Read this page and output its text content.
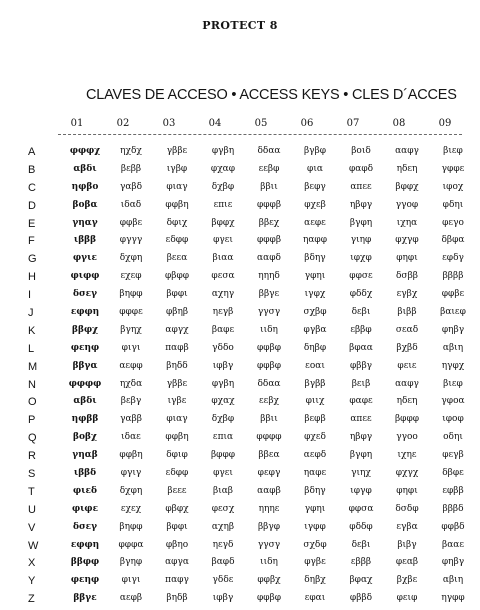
PROTECT 8
CLAVES DE ACCESO • ACCESS KEYS • CLES D´ACCES
01	02	03	04	05	06	07	08	09
A	φφφχ	ηχδχ	γββε	φγβη	δδαα	βγβφ	βοιδ	ααφγ	βιεφ
B	αβδι	βεββ	ιγβφ	φχαφ	εεβφ	φια	φαφδ	ηδεη	γφφε
C	ηφβο	γαβδ	φιαγ	δχβφ	ββιι	βεφγ	απεε	βφφχ	ιφοχ
D	βοβα	ιδαδ	φφβη	επιε	φφφβ	φχεβ	ηβφγ	γγοφ	φδηι
E	γηαγ	φφβε	δφιχ	βφφχ	ββεχ	αεφε	βγφη	ιχηα	φεγο
F	ιβββ	φγγγ	εδφφ	φγει	φφφβ	ηαφφ	γιηφ	φχγφ	δβφα
G	φγιε	δχφη	βεεα	βιαα	ααφδ	βδηγ	ιφχφ	φηφι	εφδγ
H	φιφφ	εχεφ	φβφφ	φεσα	ηηηδ	γφηι	φφσε	δσββ	ββββ
I	δσεγ	βηφφ	βφφι	αχηγ	ββγε	ιγφχ	φδδχ	εγβχ	φφβε
J	εφφη	φφφε	φβηβ	ηεγβ	γγσγ	σχβφ	δεβι	βιββ	βαιεφ
K	ββφχ	βγηχ	αφγχ	βαφε	ιιδη	φγβα	εββφ	σεαδ	φηβγ
L	φεηφ	φιγι	παφβ	γδδο	φφβφ	δηβφ	βφαα	βχβδ	αβιη
M	ββγα	αεφφ	βηδδ	ιφβγ	φφβφ	εοαι	φββγ	φειε	ηγφχ
N	φφφφ	ηχδα	γββε	φγβη	δδαα	βγββ	βειβ	ααφγ	βιεφ
O	αβδι	βεβγ	ιγβε	φχαχ	εεβχ	φιιχ	φαφε	ηδεη	γφοα
P	ηφββ	γαββ	φιαγ	δχβφ	ββιι	βεφβ	απεε	βφφφ	ιφοφ
Q	βοβχ	ιδαε	φφβη	επια	φφφφ	φχεδ	ηβφγ	γγοο	οδηι
R	γηαβ	φφβη	δφιφ	βφφφ	ββεα	αεφδ	βγφη	ιχηε	φεγβ
S	ιββδ	φγιγ	εδφφ	φγει	φεφγ	ηαφε	γιηχ	φχγχ	δβφε
T	φιεδ	δχφη	βεεε	βιαβ	ααφβ	βδηγ	ιφγφ	φηφι	εφββ
U	φιφε	εχεχ	φβφχ	φεσχ	ηηηε	γφηι	φφσα	δσδφ	βββδ
V	δσεγ	βηφφ	βφφι	αχηβ	ββγφ	ιγφφ	φδδφ	εγβα	φφβδ
W	εφφη	φφφα	φβηο	ηεγδ	γγσγ	σχδφ	δεβι	βιβγ	βααε
X	ββφφ	βγηφ	αφγα	βαφδ	ιιδη	φγβε	εβββ	φεαβ	φηβγ
Y	φεηφ	φιγι	παφγ	γδδε	φφβχ	δηβχ	βφαχ	βχβε	αβιη
Z	ββγε	αεφβ	βηδβ	ιφβγ	φφβφ	εφαι	φββδ	φειφ	ηγφφ
